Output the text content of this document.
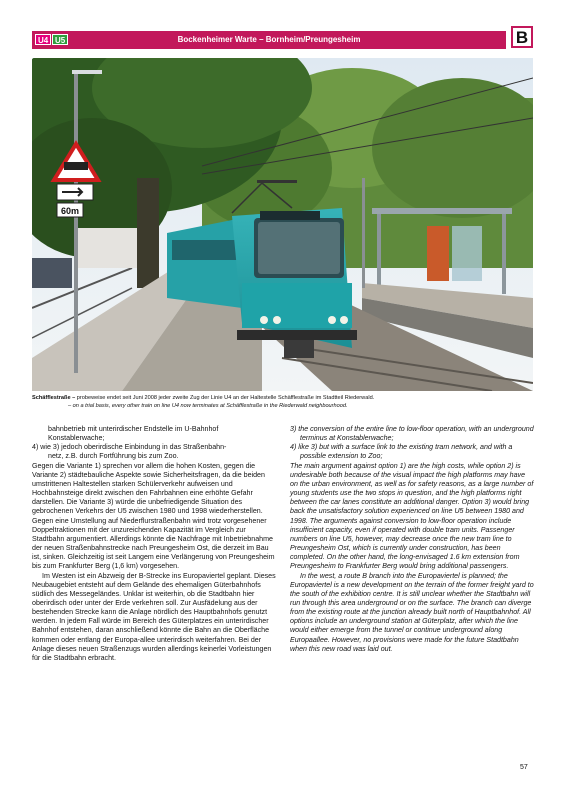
U4 U5	Bockenheimer Warte – Bornheim/Preungesheim	B
60m
Schäfflestraße – probeweise endet seit Juni 2008 jeder zweite Zug der Linie U4 an der Haltestelle Schäfflestraße im Stadtteil Riederwald.
– on a trial basis, every other train on line U4 now terminates at Schäfflestraße in the Riederwald neighbourhood.

bahnbetrieb mit unterirdischer Endstelle im U-Bahnhof

Konstablerwache;

4) wie 3) jedoch oberirdische Einbindung in das Straßenbahn-

netz, z.B. durch Fortführung bis zum Zoo.

Gegen die Variante 1) sprechen vor allem die hohen Kosten, gegen die Variante 2) städtebauliche Aspekte sowie Sicherheitsfragen, da die beiden umstrittenen Haltestellen starken Schülerverkehr aufweisen und Hochbahnsteige direkt zwischen den Fahrbahnen eine erhöhte Gefahr darstellen. Die Variante 3) würde die unbefriedigende Situation des gebrochenen Verkehrs der U5 zwischen 1980 und 1998 wiederherstellen. Gegen eine Umstellung auf Niederflurstraßenbahn wird trotz vorgesehener Doppeltraktionen mit der unzureichenden Kapazität im Vergleich zur Stadtbahn argumentiert. Allerdings könnte die Nachfrage mit Inbetriebnahme der neuen Straßenbahnstrecke nach Preungesheim Ost, die derzeit im Bau ist, sinken. Gleichzeitig ist seit Langem eine Verlängerung von Preungesheim bis zum Frankfurter Berg (1,6 km) vorgesehen.

Im Westen ist ein Abzweig der B-Strecke ins Europaviertel geplant. Dieses Neubaugebiet entsteht auf dem Gelände des ehemaligen Güterbahnhofs südlich des Messegeländes. Unklar ist weiterhin, ob die Stadtbahn hier oberirdisch oder unter der Erde verkehren soll. Zur Ausfädelung aus der bestehenden Strecke kann die Anlage nördlich des Hauptbahnhofs genutzt werden. In jedem Fall würde im Bereich des Güterplatzes ein unterirdischer Bahnhof entstehen, daran anschließend könnte die Bahn an die Oberfläche kommen oder entlang der Europa-allee unterirdisch weiterfahren. Bei der Anlage dieses neuen Straßenzugs wurden allerdings keinerlei Vorleistungen für die Stadtbahn erbracht.

3) the conversion of the entire line to low-floor operation, with an underground terminus at Konstablerwache;

4) like 3) but with a surface link to the existing tram network, and with a possible extension to Zoo;

The main argument against option 1) are the high costs, while option 2) is undesirable both because of the visual impact the high platforms may have on the urban environment, as well as for safety reasons, as a large number of young students use the two stops in question, and the high platforms right between the car lanes constitute an additional danger. Option 3) would bring back the unsatisfactory solution experienced on line U5 between 1980 and 1998. The arguments against conversion to low-floor operation include insufficient capacity, even if operated with double tram units. Passenger numbers on line U5, however, may decrease once the new tram line to Preungesheim Ost, which is currently under construction, has been completed. On the other hand, the long-envisaged 1.6 km extension from Preungesheim to Frankfurter Berg would bring additional passengers.

In the west, a route B branch into the Europaviertel is planned; the Europaviertel is a new development on the terrain of the former freight yard to the south of the exhibition centre. It is still unclear whether the Stadtbahn will run through this area underground or on the surface. The branch can diverge from the existing route at the junction already built north of Hauptbahnhof. All options include an underground station at Güterplatz, after which the line would either emerge from the tunnel or continue underground along Europaallee. However, no provisions were made for the future Stadtbahn when this new road was laid out.

57
